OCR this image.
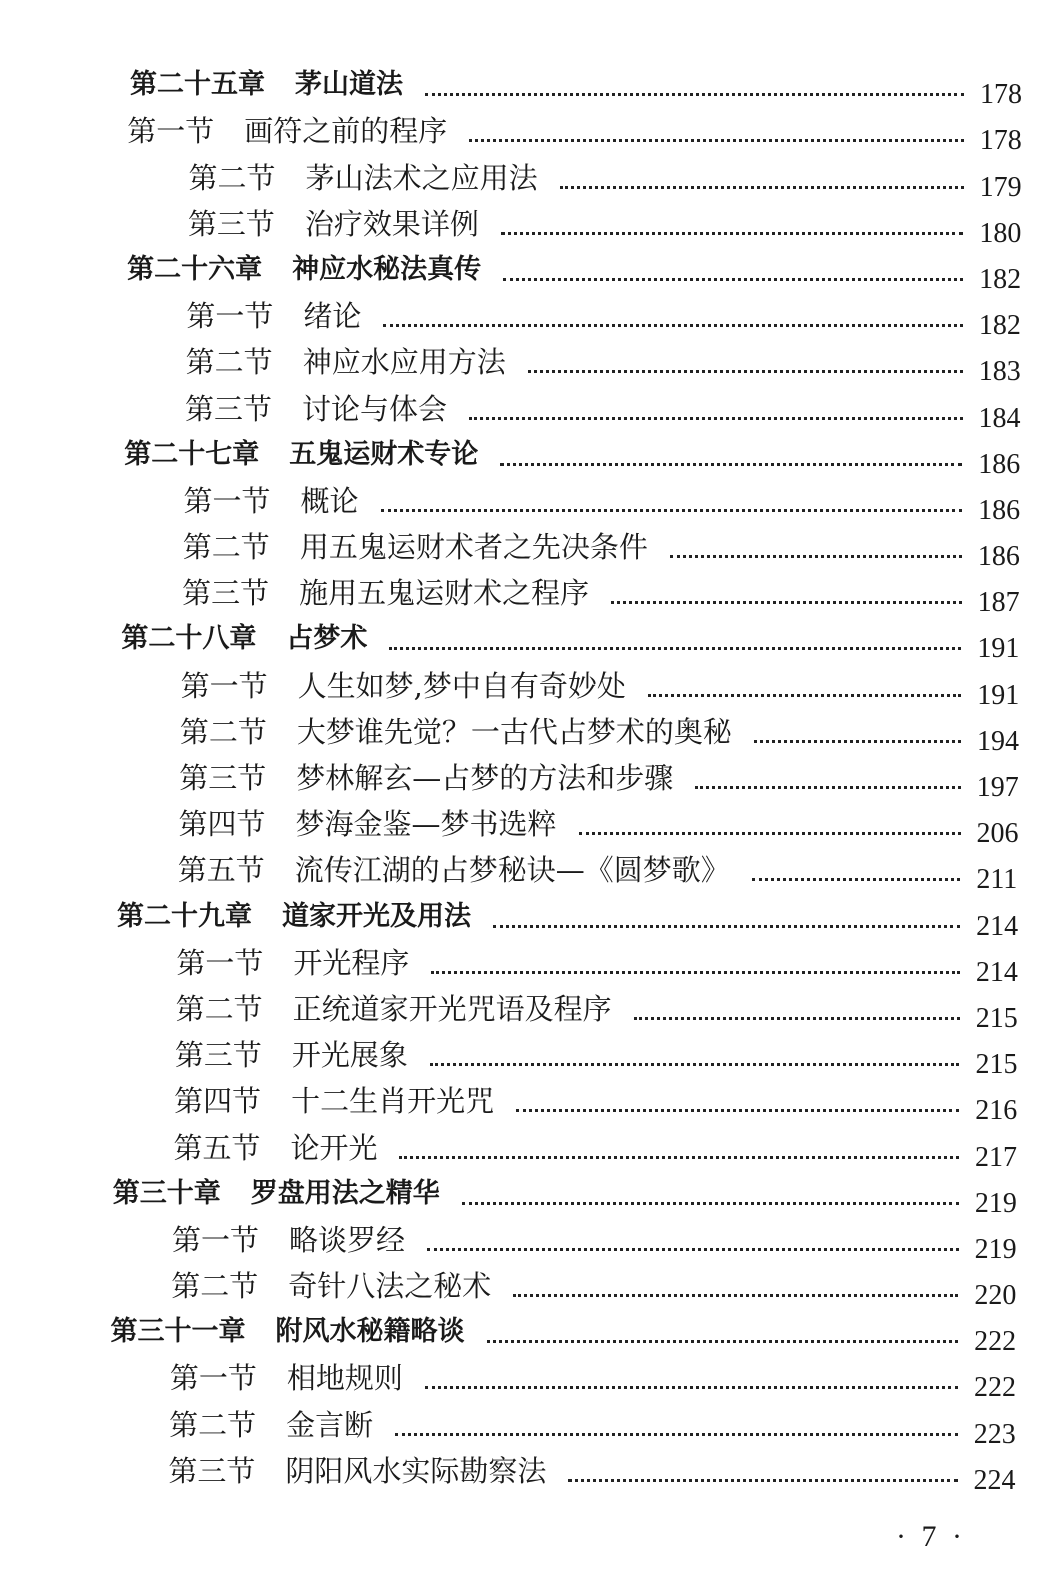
第二十五章 茅山道法	178
第一节 画符之前的程序	178
第二节 茅山法术之应用法	179
第三节 治疗效果详例	180
第二十六章 神应水秘法真传	182
第一节 绪论	182
第二节 神应水应用方法	183
第三节 讨论与体会	184
第二十七章 五鬼运财术专论	186
第一节 概论	186
第二节 用五鬼运财术者之先决条件	186
第三节 施用五鬼运财术之程序	187
第二十八章 占梦术	191
第一节 人生如梦,梦中自有奇妙处	191
第二节 大梦谁先觉？一古代占梦术的奥秘	194
第三节 梦林解玄—占梦的方法和步骤	197
第四节 梦海金鉴—梦书选粹	206
第五节 流传江湖的占梦秘诀—《圆梦歌》	211
第二十九章 道家开光及用法	214
第一节 开光程序	214
第二节 正统道家开光咒语及程序	215
第三节 开光展象	215
第四节 十二生肖开光咒	216
第五节 论开光	217
第三十章 罗盘用法之精华	219
第一节 略谈罗经	219
第二节 奇针八法之秘术	220
第三十一章 附风水秘籍略谈	222
第一节 相地规则	222
第二节 金言断	223
第三节 阴阳风水实际勘察法	224
· 7 ·
